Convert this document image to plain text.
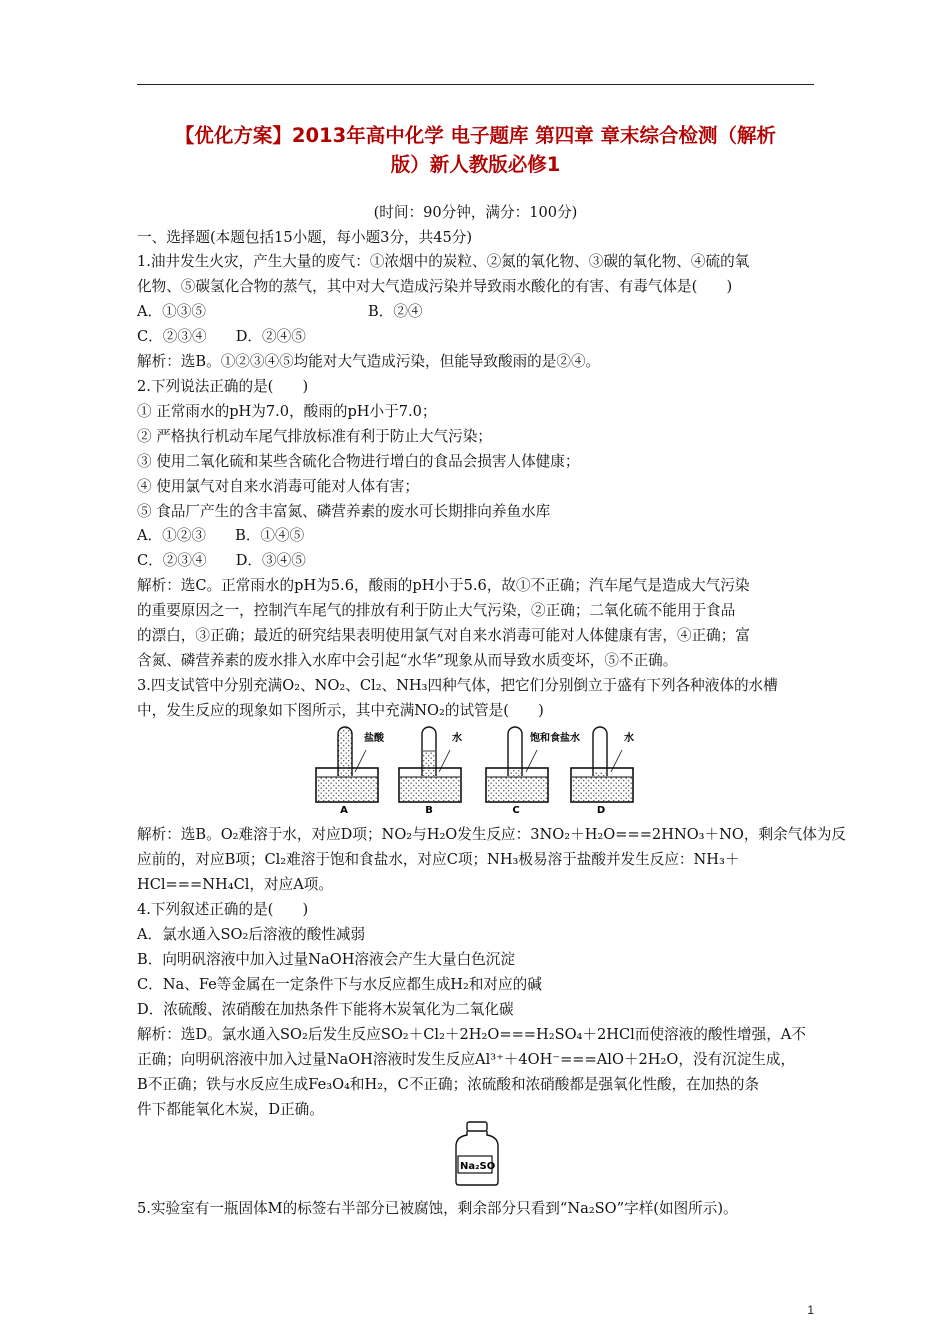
【优化方案】2013年高中化学 电子题库 第四章 章末综合检测（解析
版）新人教版必修1
(时间：90分钟，满分：100分)
一、选择题(本题包括15小题，每小题3分，共45分)
1.油井发生火灾，产生大量的废气：①浓烟中的炭粒、②氮的氧化物、③碳的氧化物、④硫的氧
化物、⑤碳氢化合物的蒸气，其中对大气造成污染并导致雨水酸化的有害、有毒气体是(　　)
A．①③⑤	B．②④
C．②③④　　D．②④⑤
解析：选B。①②③④⑤均能对大气造成污染，但能导致酸雨的是②④。
2.下列说法正确的是(　　)
① 正常雨水的pH为7.0，酸雨的pH小于7.0；
② 严格执行机动车尾气排放标准有利于防止大气污染；
③ 使用二氧化硫和某些含硫化合物进行增白的食品会损害人体健康；
④ 使用氯气对自来水消毒可能对人体有害；
⑤ 食品厂产生的含丰富氮、磷营养素的废水可长期排向养鱼水库
A．①②③　　B．①④⑤
C．②③④　　D．③④⑤
解析：选C。正常雨水的pH为5.6，酸雨的pH小于5.6，故①不正确；汽车尾气是造成大气污染
的重要原因之一，控制汽车尾气的排放有利于防止大气污染，②正确；二氧化硫不能用于食品
的漂白，③正确；最近的研究结果表明使用氯气对自来水消毒可能对人体健康有害，④正确；富
含氮、磷营养素的废水排入水库中会引起“水华”现象从而导致水质变坏，⑤不正确。
3.四支试管中分别充满O₂、NO₂、Cl₂、NH₃四种气体，把它们分别倒立于盛有下列各种液体的水槽
中，发生反应的现象如下图所示，其中充满NO₂的试管是(　　)
盐酸
A
水
B
饱和食盐水
C
水
D
解析：选B。O₂难溶于水，对应D项；NO₂与H₂O发生反应：3NO₂＋H₂O===2HNO₃＋NO，剩余气体为反
应前的，对应B项；Cl₂难溶于饱和食盐水，对应C项；NH₃极易溶于盐酸并发生反应：NH₃＋
HCl===NH₄Cl，对应A项。
4.下列叙述正确的是(　　)
A．氯水通入SO₂后溶液的酸性减弱
B．向明矾溶液中加入过量NaOH溶液会产生大量白色沉淀
C．Na、Fe等金属在一定条件下与水反应都生成H₂和对应的碱
D．浓硫酸、浓硝酸在加热条件下能将木炭氧化为二氧化碳
解析：选D。氯水通入SO₂后发生反应SO₂＋Cl₂＋2H₂O===H₂SO₄＋2HCl而使溶液的酸性增强，A不
正确；向明矾溶液中加入过量NaOH溶液时发生反应Al³⁺＋4OH⁻===AlO＋2H₂O，没有沉淀生成，
B不正确；铁与水反应生成Fe₃O₄和H₂，C不正确；浓硫酸和浓硝酸都是强氧化性酸，在加热的条
件下都能氧化木炭，D正确。
Na₂SO
5.实验室有一瓶固体M的标签右半部分已被腐蚀，剩余部分只看到“Na₂SO”字样(如图所示)。
1
